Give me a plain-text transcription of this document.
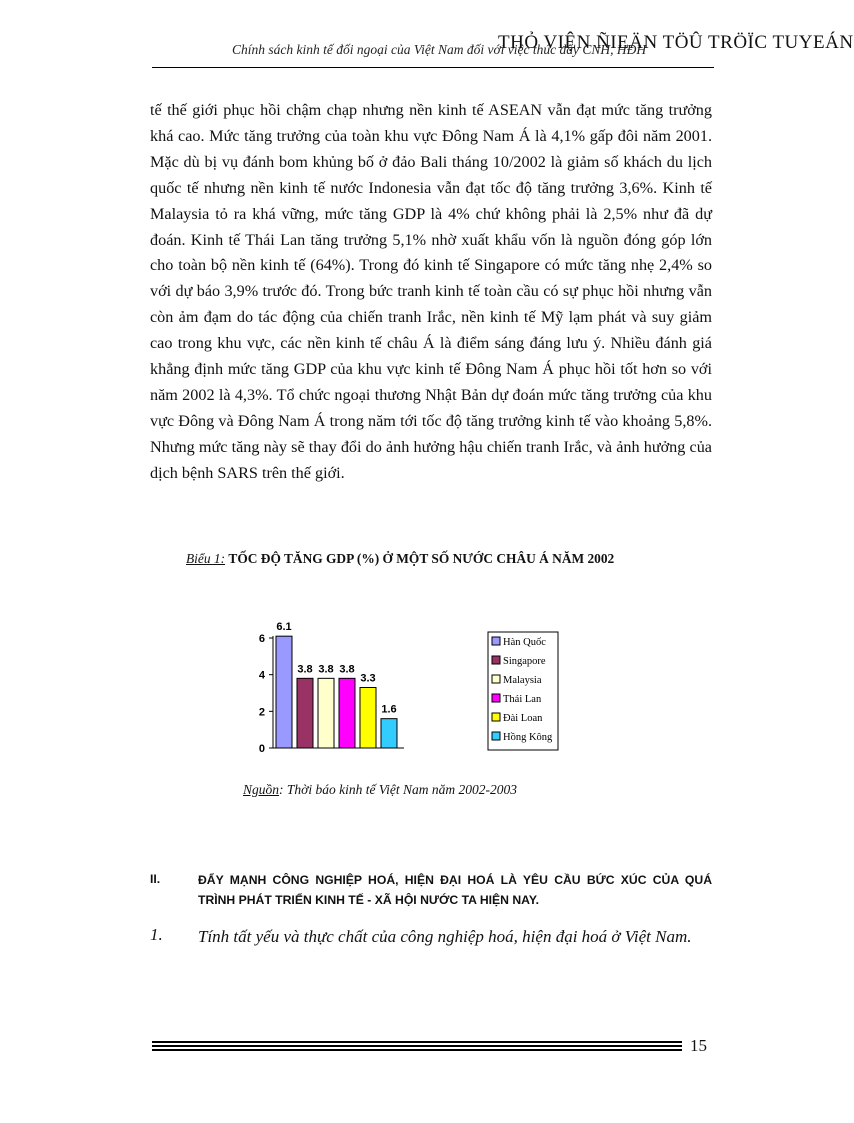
Chính sách kinh tế đối ngoại của Việt Nam đối với việc thúc đẩy CNH, HĐH
THỎ VIỆN ÑIEÄN TÖÛ TRÖÏC TUYEÁN

tế thế giới phục hồi chậm chạp nhưng nền kinh tế ASEAN vẫn đạt mức tăng trưởng khá cao. Mức tăng trưởng của toàn khu vực Đông Nam Á là 4,1% gấp đôi năm 2001. Mặc dù bị vụ đánh bom khủng bố ở đảo Bali tháng 10/2002 là giảm số khách du lịch quốc tế nhưng nền kinh tế nước Indonesia vẫn đạt tốc độ tăng trưởng 3,6%. Kinh tế Malaysia tỏ ra khá vững, mức tăng GDP là 4% chứ không phải là 2,5% như đã dự đoán. Kinh tế Thái Lan tăng trưởng 5,1% nhờ xuất khẩu vốn là nguồn đóng góp lớn cho toàn bộ nền kinh tế (64%). Trong đó kinh tế Singapore có mức tăng nhẹ 2,4% so với dự báo 3,9% trước đó. Trong bức tranh kinh tế toàn cầu có sự phục hồi nhưng vẫn còn ảm đạm do tác động của chiến tranh Irắc, nền kinh tế Mỹ lạm phát và suy giảm cao trong khu vực, các nền kinh tế châu Á là điểm sáng đáng lưu ý. Nhiều đánh giá khẳng định mức tăng GDP của khu vực kinh tế Đông Nam Á phục hồi tốt hơn so với năm 2002 là 4,3%. Tổ chức ngoại thương Nhật Bản dự đoán mức tăng trưởng của khu vực Đông và Đông Nam Á trong năm tới tốc độ tăng trưởng kinh tế vào khoảng 5,8%. Nhưng mức tăng này sẽ thay đổi do ảnh hưởng hậu chiến tranh Irắc, và ảnh hưởng của dịch bệnh SARS trên thế giới.

Biểu 1: TỐC ĐỘ TĂNG GDP (%) Ở MỘT SỐ NƯỚC CHÂU Á NĂM 2002
0
2
4
6
6.1
3.8 3.8 3.8
3.3
1.6
Hàn Quốc
Singapore
Malaysia
Thái Lan
Đài Loan
Hồng Kông
Nguồn: Thời báo kinh tế Việt Nam năm 2002-2003
II.	ĐẨY MẠNH CÔNG NGHIỆP HOÁ, HIỆN ĐẠI HOÁ LÀ YÊU CẦU BỨC XÚC CỦA QUÁ TRÌNH PHÁT TRIỂN KINH TẾ - XÃ HỘI NƯỚC TA HIỆN NAY.

1. Tính tất yếu và thực chất của công nghiệp hoá, hiện đại hoá ở Việt Nam.

15
